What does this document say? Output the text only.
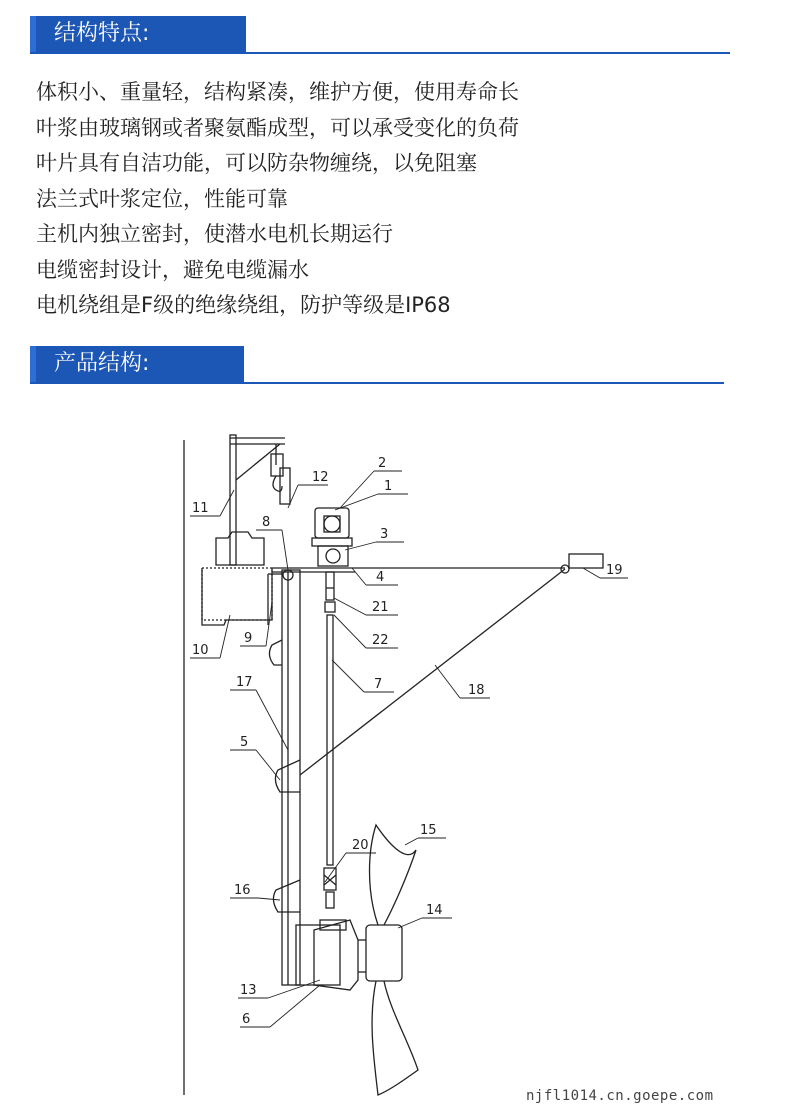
结构特点:
体积小、重量轻，结构紧凑，维护方便，使用寿命长
叶浆由玻璃钢或者聚氨酯成型，可以承受变化的负荷
叶片具有自洁功能，可以防杂物缠绕，以免阻塞
法兰式叶浆定位，性能可靠
主机内独立密封，使潜水电机长期运行
电缆密封设计，避免电缆漏水
电机绕组是F级的绝缘绕组，防护等级是IP68
产品结构:
1
2
3
4
5
6
7
8
9
10
11
12
13
14
15
16
17
18
19
20
21
22
njfl1014.cn.goepe.com
